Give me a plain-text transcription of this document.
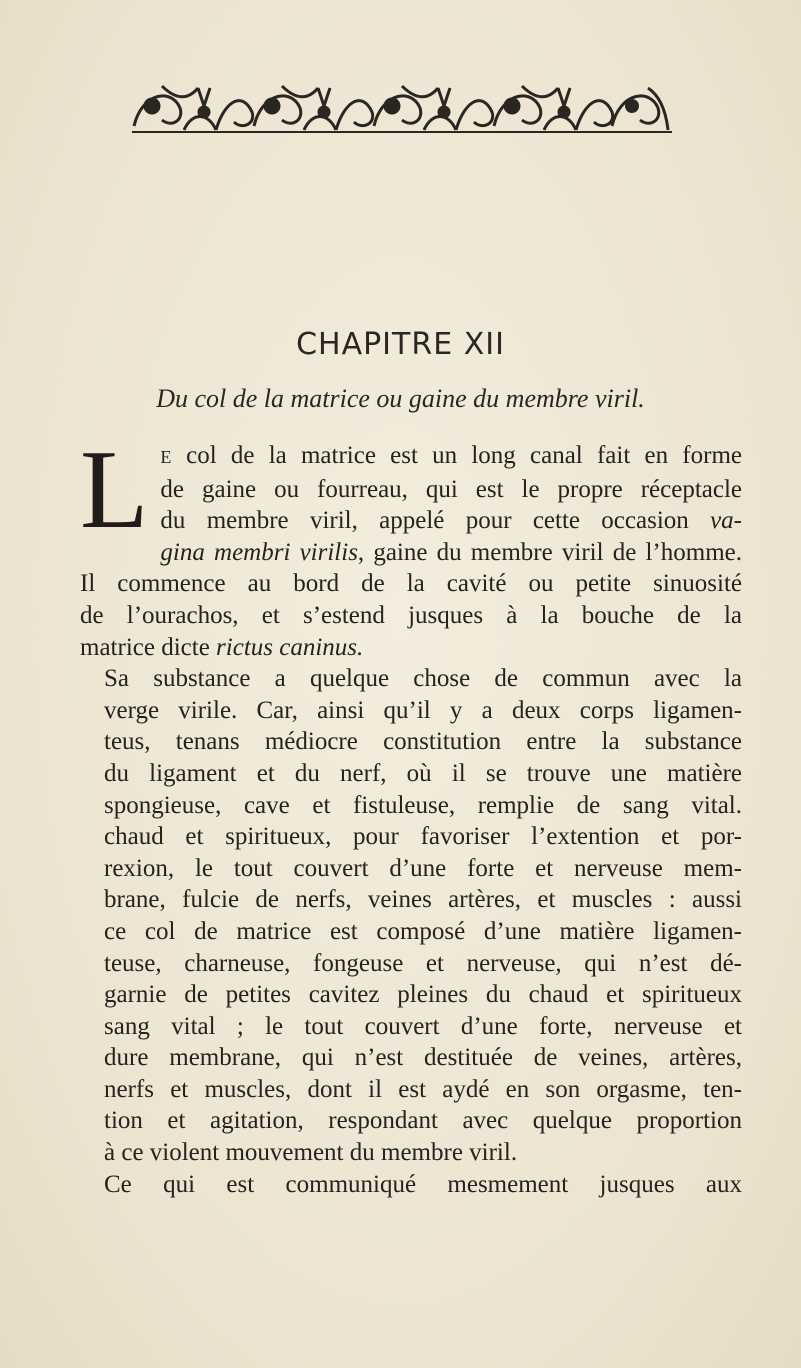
CHAPITRE XII
Du col de la matrice ou gaine du membre viril.
L E col de la matrice est un long canal fait en forme
de gaine ou fourreau, qui est le propre réceptacle
du membre viril, appelé pour cette occasion va-
gina membri virilis, gaine du membre viril de l’homme.
Il commence au bord de la cavité ou petite sinuosité
de l’ourachos, et s’estend jusques à la bouche de la
matrice dicte rictus caninus.
Sa substance a quelque chose de commun avec la
verge virile. Car, ainsi qu’il y a deux corps ligamen-
teus, tenans médiocre constitution entre la substance
du ligament et du nerf, où il se trouve une matière
spongieuse, cave et fistuleuse, remplie de sang vital.
chaud et spiritueux, pour favoriser l’extention et por-
rexion, le tout couvert d’une forte et nerveuse mem-
brane, fulcie de nerfs, veines artères, et muscles : aussi
ce col de matrice est composé d’une matière ligamen-
teuse, charneuse, fongeuse et nerveuse, qui n’est dé-
garnie de petites cavitez pleines du chaud et spiritueux
sang vital ; le tout couvert d’une forte, nerveuse et
dure membrane, qui n’est destituée de veines, artères,
nerfs et muscles, dont il est aydé en son orgasme, ten-
tion et agitation, respondant avec quelque proportion
à ce violent mouvement du membre viril.
Ce qui est communiqué mesmement jusques aux
